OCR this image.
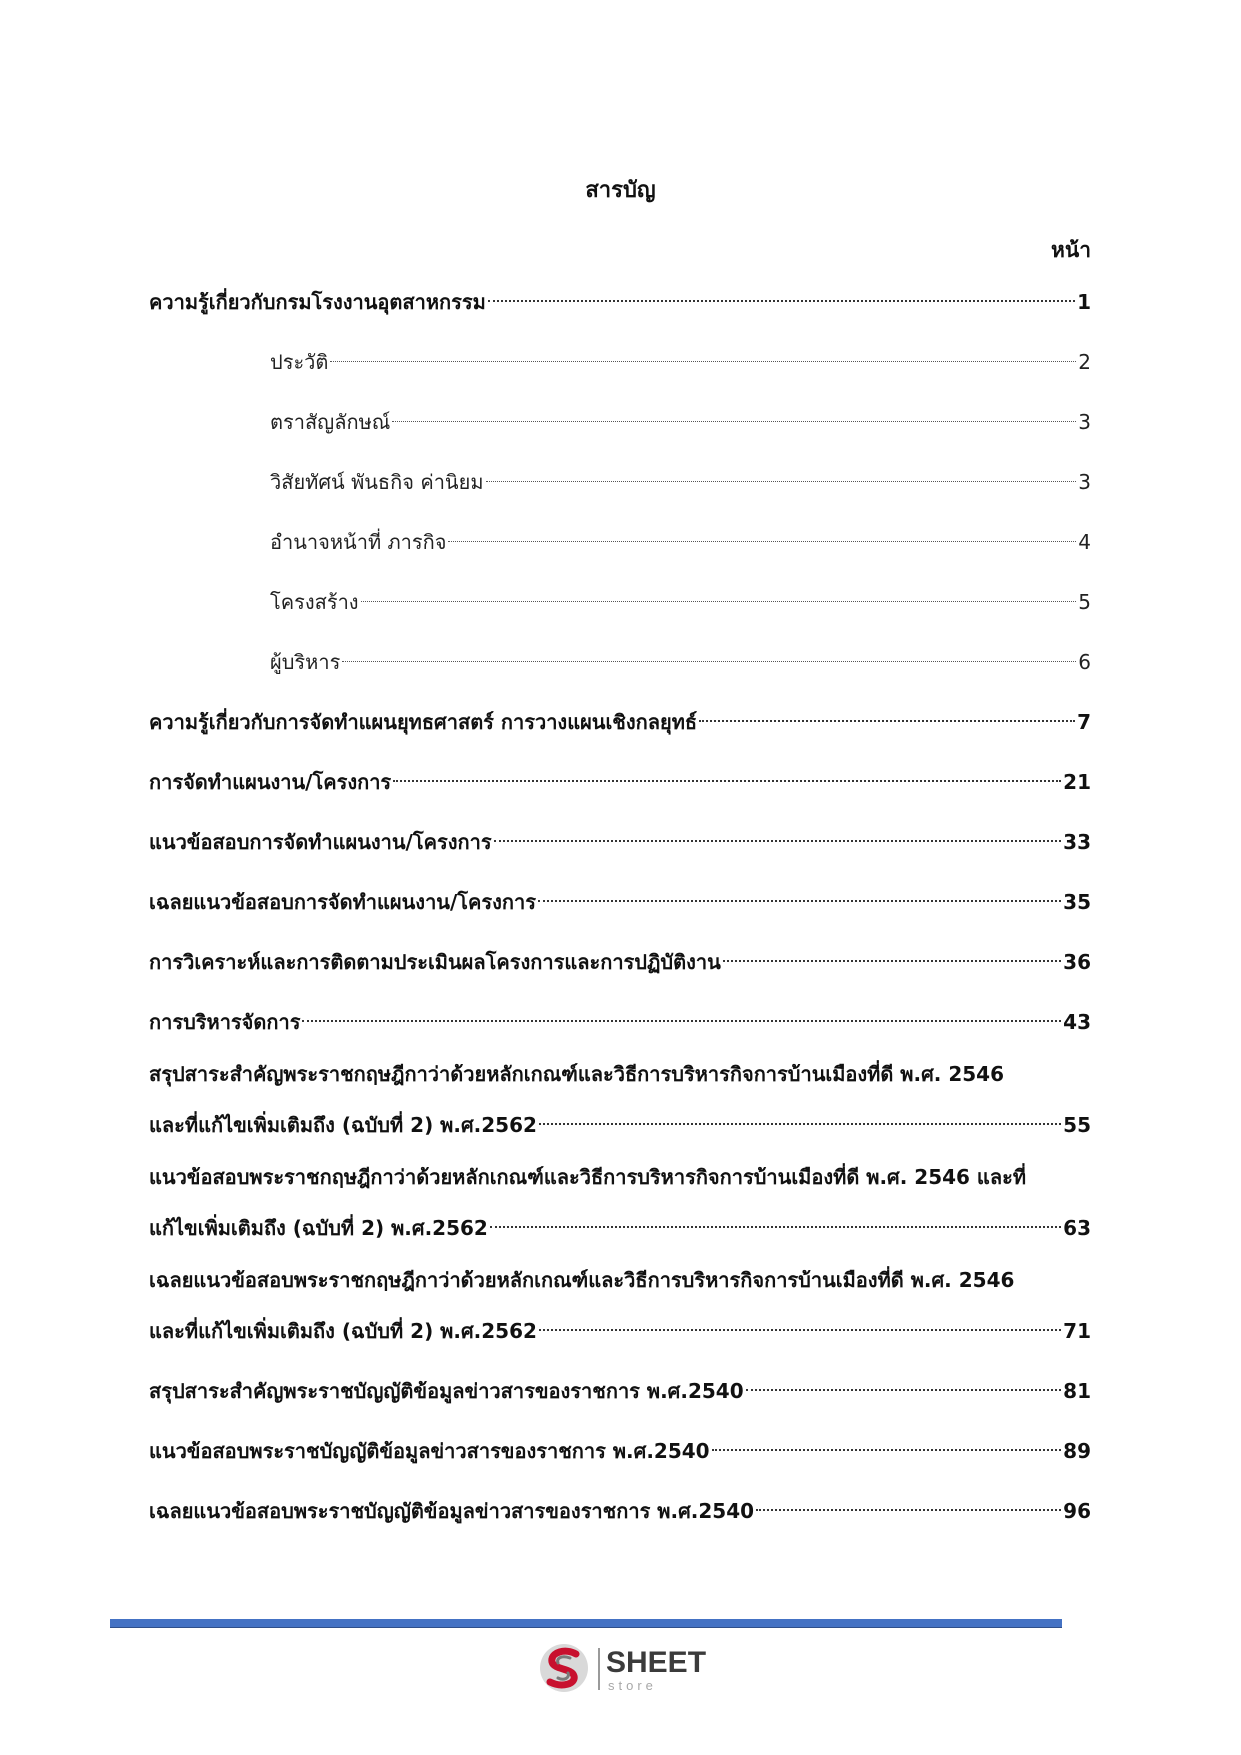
สารบัญ
หน้า
ความรู้เกี่ยวกับกรมโรงงานอุตสาหกรรม	1
ประวัติ	2
ตราสัญลักษณ์	3
วิสัยทัศน์ พันธกิจ ค่านิยม	3
อำนาจหน้าที่ ภารกิจ	4
โครงสร้าง	5
ผู้บริหาร	6
ความรู้เกี่ยวกับการจัดทำแผนยุทธศาสตร์ การวางแผนเชิงกลยุทธ์	7
การจัดทำแผนงาน/โครงการ	21
แนวข้อสอบการจัดทำแผนงาน/โครงการ	33
เฉลยแนวข้อสอบการจัดทำแผนงาน/โครงการ	35
การวิเคราะห์และการติดตามประเมินผลโครงการและการปฏิบัติงาน	36
การบริหารจัดการ	43
สรุปสาระสำคัญพระราชกฤษฎีกาว่าด้วยหลักเกณฑ์และวิธีการบริหารกิจการบ้านเมืองที่ดี พ.ศ. 2546
และที่แก้ไขเพิ่มเติมถึง (ฉบับที่ 2) พ.ศ.2562	55
แนวข้อสอบพระราชกฤษฎีกาว่าด้วยหลักเกณฑ์และวิธีการบริหารกิจการบ้านเมืองที่ดี พ.ศ. 2546 และที่
แก้ไขเพิ่มเติมถึง (ฉบับที่ 2) พ.ศ.2562	63
เฉลยแนวข้อสอบพระราชกฤษฎีกาว่าด้วยหลักเกณฑ์และวิธีการบริหารกิจการบ้านเมืองที่ดี พ.ศ. 2546
และที่แก้ไขเพิ่มเติมถึง (ฉบับที่ 2) พ.ศ.2562	71
สรุปสาระสำคัญพระราชบัญญัติข้อมูลข่าวสารของราชการ พ.ศ.2540	81
แนวข้อสอบพระราชบัญญัติข้อมูลข่าวสารของราชการ พ.ศ.2540	89
เฉลยแนวข้อสอบพระราชบัญญัติข้อมูลข่าวสารของราชการ พ.ศ.2540	96
SHEET
store
